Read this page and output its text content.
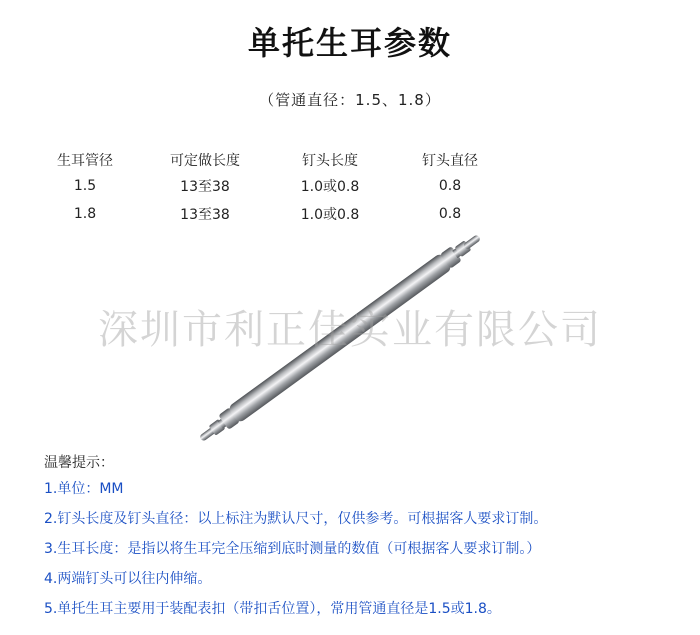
单托生耳参数
（管通直径：1.5、1.8）
生耳管径	可定做长度	钉头长度	钉头直径
1.5	13至38	1.0或0.8	0.8
1.8	13至38	1.0或0.8	0.8
深圳市利正佳实业有限公司
温馨提示：
1.单位：MM
2.钉头长度及钉头直径：以上标注为默认尺寸，仅供参考。可根据客人要求订制。
3.生耳长度：是指以将生耳完全压缩到底时测量的数值（可根据客人要求订制。）
4.两端钉头可以往内伸缩。
5.单托生耳主要用于装配表扣（带扣舌位置），常用管通直径是1.5或1.8。
